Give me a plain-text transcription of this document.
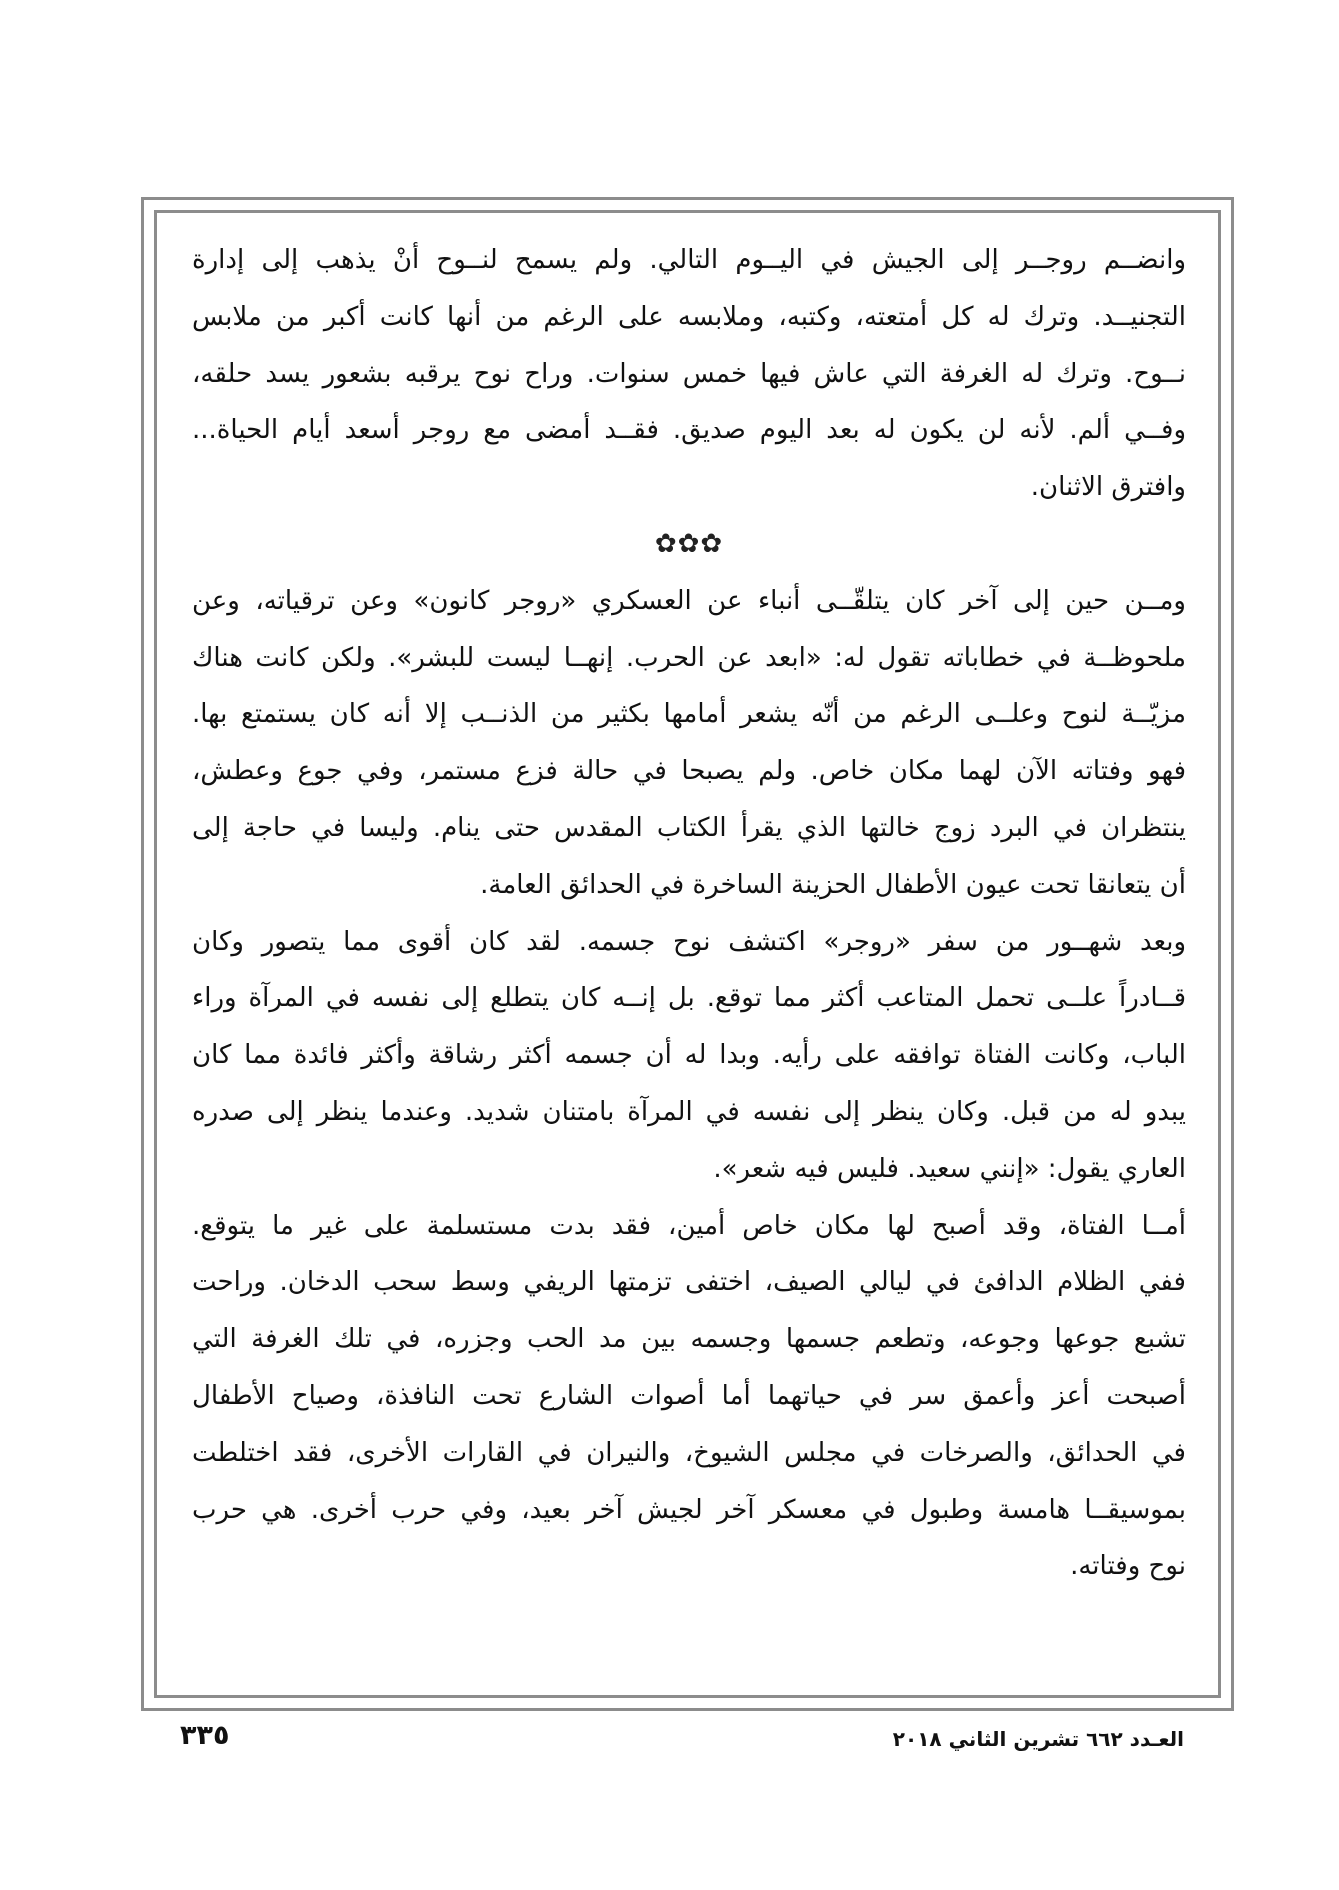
وانضــم روجــر إلى الجيش في اليــوم التالي. ولم يسمح لنــوح أنْ يذهب إلى إدارة
التجنيــد. وترك له كل أمتعته، وكتبه، وملابسه على الرغم من أنها كانت أكبر من ملابس
نــوح. وترك له الغرفة التي عاش فيها خمس سنوات. وراح نوح يرقبه بشعور يسد حلقه،
وفــي ألم. لأنه لن يكون له بعد اليوم صديق. فقــد أمضى مع روجر أسعد أيام الحياة...
وافترق الاثنان.
✿✿✿
ومــن حين إلى آخر كان يتلقّــى أنباء عن العسكري «روجر كانون» وعن ترقياته، وعن
ملحوظــة في خطاباته تقول له: «ابعد عن الحرب. إنهــا ليست للبشر». ولكن كانت هناك
مزيّــة لنوح وعلــى الرغم من أنّه يشعر أمامها بكثير من الذنــب إلا أنه كان يستمتع بها.
فهو وفتاته الآن لهما مكان خاص. ولم يصبحا في حالة فزع مستمر، وفي جوع وعطش،
ينتظران في البرد زوج خالتها الذي يقرأ الكتاب المقدس حتى ينام. وليسا في حاجة إلى
أن يتعانقا تحت عيون الأطفال الحزينة الساخرة في الحدائق العامة.
وبعد شهــور من سفر «روجر» اكتشف نوح جسمه. لقد كان أقوى مما يتصور وكان
قــادراً علــى تحمل المتاعب أكثر مما توقع. بل إنــه كان يتطلع إلى نفسه في المرآة وراء
الباب، وكانت الفتاة توافقه على رأيه. وبدا له أن جسمه أكثر رشاقة وأكثر فائدة مما كان
يبدو له من قبل. وكان ينظر إلى نفسه في المرآة بامتنان شديد. وعندما ينظر إلى صدره
العاري يقول: «إنني سعيد. فليس فيه شعر».
أمــا الفتاة، وقد أصبح لها مكان خاص أمين، فقد بدت مستسلمة على غير ما يتوقع.
ففي الظلام الدافئ في ليالي الصيف، اختفى تزمتها الريفي وسط سحب الدخان. وراحت
تشبع جوعها وجوعه، وتطعم جسمها وجسمه بين مد الحب وجزره، في تلك الغرفة التي
أصبحت أعز وأعمق سر في حياتهما أما أصوات الشارع تحت النافذة، وصياح الأطفال
في الحدائق، والصرخات في مجلس الشيوخ، والنيران في القارات الأخرى، فقد اختلطت
بموسيقــا هامسة وطبول في معسكر آخر لجيش آخر بعيد، وفي حرب أخرى. هي حرب
نوح وفتاته.
العـدد ٦٦٢ تشرين الثاني ٢٠١٨
٣٣٥
